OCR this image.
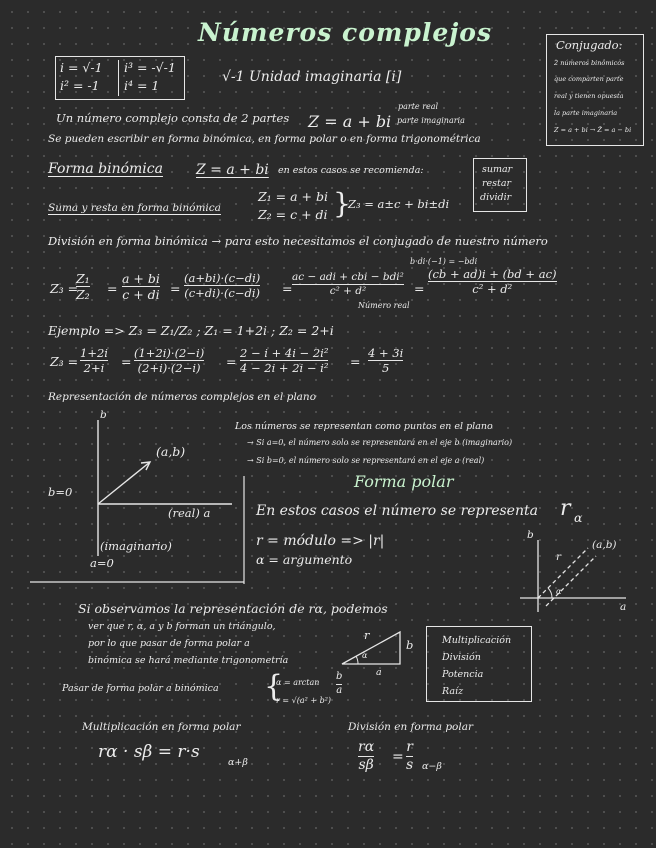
Números complejos
i = √-1
i² = -1
i³ = -√-1
i⁴ = 1
√-1 Unidad imaginaria [i]
Conjugado:
2 números binómicos
que comparten parte
real y tienen opuesta
la parte imaginaria
Z = a + bi → Z̄ = a − bi
Un número complejo consta de 2 partes Z = a + bi
parte real
parte imaginaria
Se pueden escribir en forma binómica, en forma polar o en forma trigonométrica
Forma binómica Z = a + bi en estos casos se recomienda:	sumar
restar
dividir
Suma y resta en forma binómica
Z₁ = a + bi
Z₂ = c + di }
Z₃ = a±c + bi±di
División en forma binómica → para esto necesitamos el conjugado de nuestro número
b·di·(−1) = −bdi
Z₃ =
Z₁
Z₂ =
a + bi
c + di =
(a+bi)·(c−di)
(c+di)·(c−di) =
ac − adi + cbi − bdi²
c² + d²	=
(cb + ad)i + (bd + ac)
c² + d²
Número real
Ejemplo => Z₃ = Z₁/Z₂ ; Z₁ = 1+2i ; Z₂ = 2+i
Z₃ =
1+2i
2+i =
(1+2i)·(2−i)
(2+i)·(2−i) =
2 − i + 4i − 2i²
4 − 2i + 2i − i² =
4 + 3i
5
Representación de números complejos en el plano
b
(a,b)
(real) a
(imaginario)
b=0
a=0
Los números se representan como puntos en el plano
→ Si a=0, el número solo se representará en el eje b (imaginario)
→ Si b=0, el número solo se representará en el eje a (real)
Forma polar
En estos casos el número se representa r α
r = módulo => |r|
α = argumento
b
a
(a,b)
r
α
Si observamos la representación de rα, podemos
ver que r, α, a y b forman un triángulo,
por lo que pasar de forma polar a
binómica se hará mediante trigonometría
r
b
a
α
Multiplicación
División
Potencia
Raíz
Pasar de forma polar a binómica {
α = arctan
b
a
r = √(a² + b²)
Multiplicación en forma polar
rα · sβ = r·s
α+β
División en forma polar
rα
sβ =
r
s α−β
